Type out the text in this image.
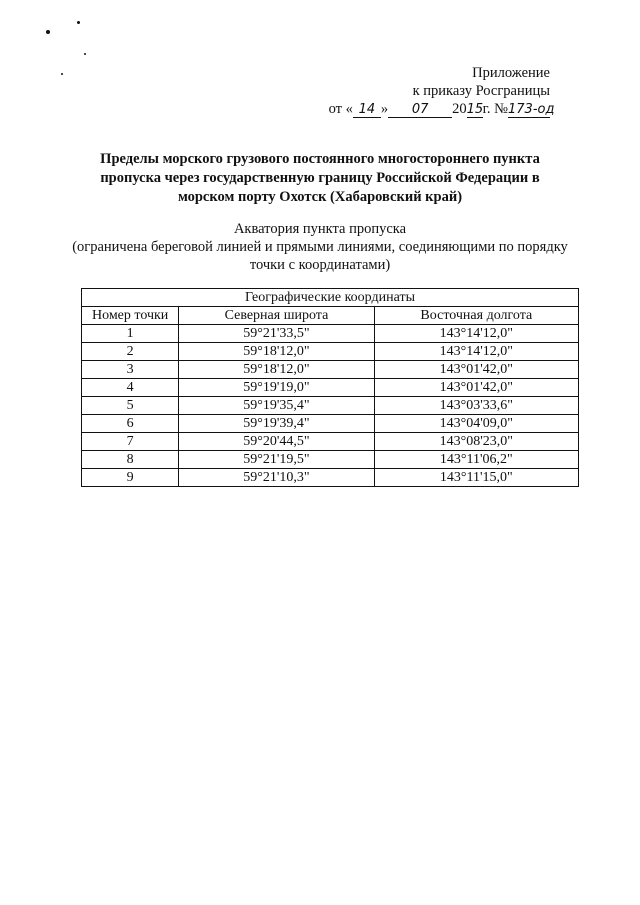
Приложение
к приказу Росграницы
от « 14 » 07 2015г. №173-од
Пределы морского грузового постоянного многостороннего пункта пропуска через государственную границу Российской Федерации в морском порту Охотск (Хабаровский край)
Акватория пункта пропуска
(ограничена береговой линией и прямыми линиями, соединяющими по порядку
точки с координатами)
Географические координаты		
Номер точки	Северная широта	Восточная долгота
1	59°21'33,5"	143°14'12,0"
2	59°18'12,0"	143°14'12,0"
3	59°18'12,0"	143°01'42,0"
4	59°19'19,0"	143°01'42,0"
5	59°19'35,4"	143°03'33,6"
6	59°19'39,4"	143°04'09,0"
7	59°20'44,5"	143°08'23,0"
8	59°21'19,5"	143°11'06,2"
9	59°21'10,3"	143°11'15,0"
